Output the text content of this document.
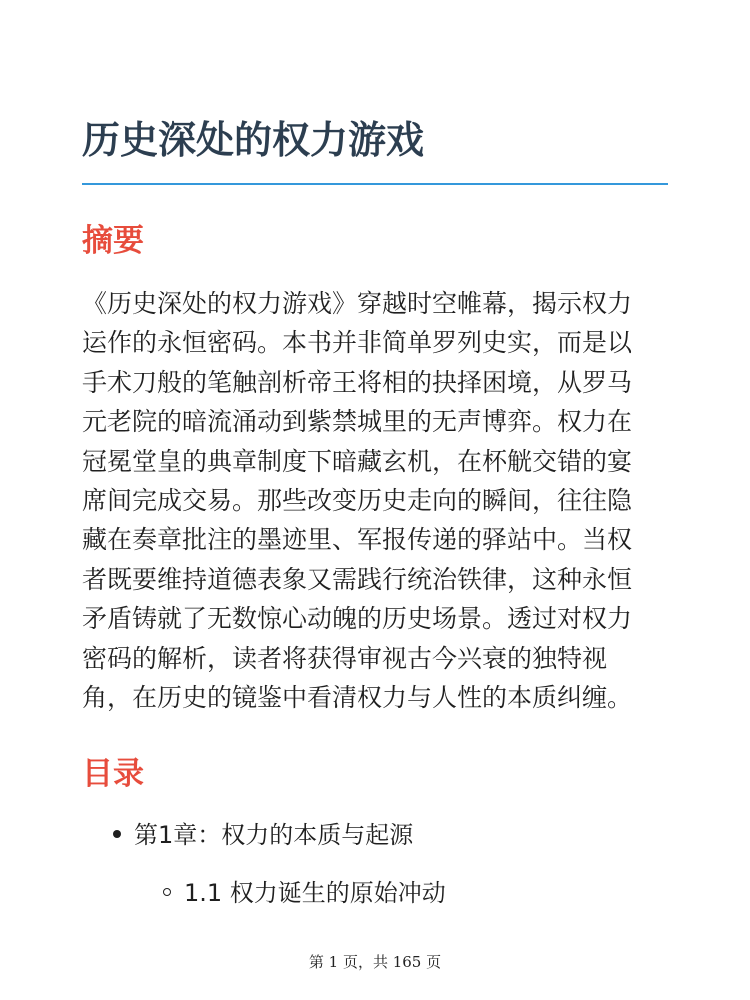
历史深处的权力游戏
摘要

《历史深处的权力游戏》穿越时空帷幕，揭示权力
运作的永恒密码。本书并非简单罗列史实，而是以
手术刀般的笔触剖析帝王将相的抉择困境，从罗马
元老院的暗流涌动到紫禁城里的无声博弈。权力在
冠冕堂皇的典章制度下暗藏玄机，在杯觥交错的宴
席间完成交易。那些改变历史走向的瞬间，往往隐
藏在奏章批注的墨迹里、军报传递的驿站中。当权
者既要维持道德表象又需践行统治铁律，这种永恒
矛盾铸就了无数惊心动魄的历史场景。透过对权力
密码的解析，读者将获得审视古今兴衰的独特视
角，在历史的镜鉴中看清权力与人性的本质纠缠。

目录
第1章：权力的本质与起源
1.1 权力诞生的原始冲动
第 1 页，共 165 页
